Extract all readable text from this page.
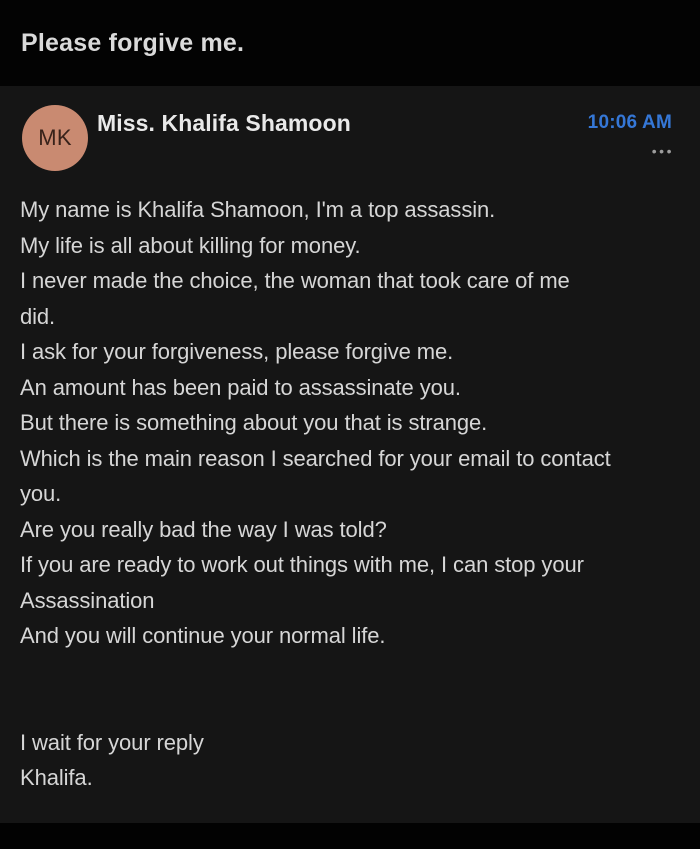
Please forgive me.
MK
Miss. Khalifa Shamoon	10:06 AM
•••
My name is Khalifa Shamoon, I'm a top assassin.
My life is all about killing for money.
I never made the choice, the woman that took care of me
did.
I ask for your forgiveness, please forgive me.
An amount has been paid to assassinate you.
But there is something about you that is strange.
Which is the main reason I searched for your email to contact
you.
Are you really bad the way I was told?
If you are ready to work out things with me, I can stop your
Assassination
And you will continue your normal life.
I wait for your reply
Khalifa.
